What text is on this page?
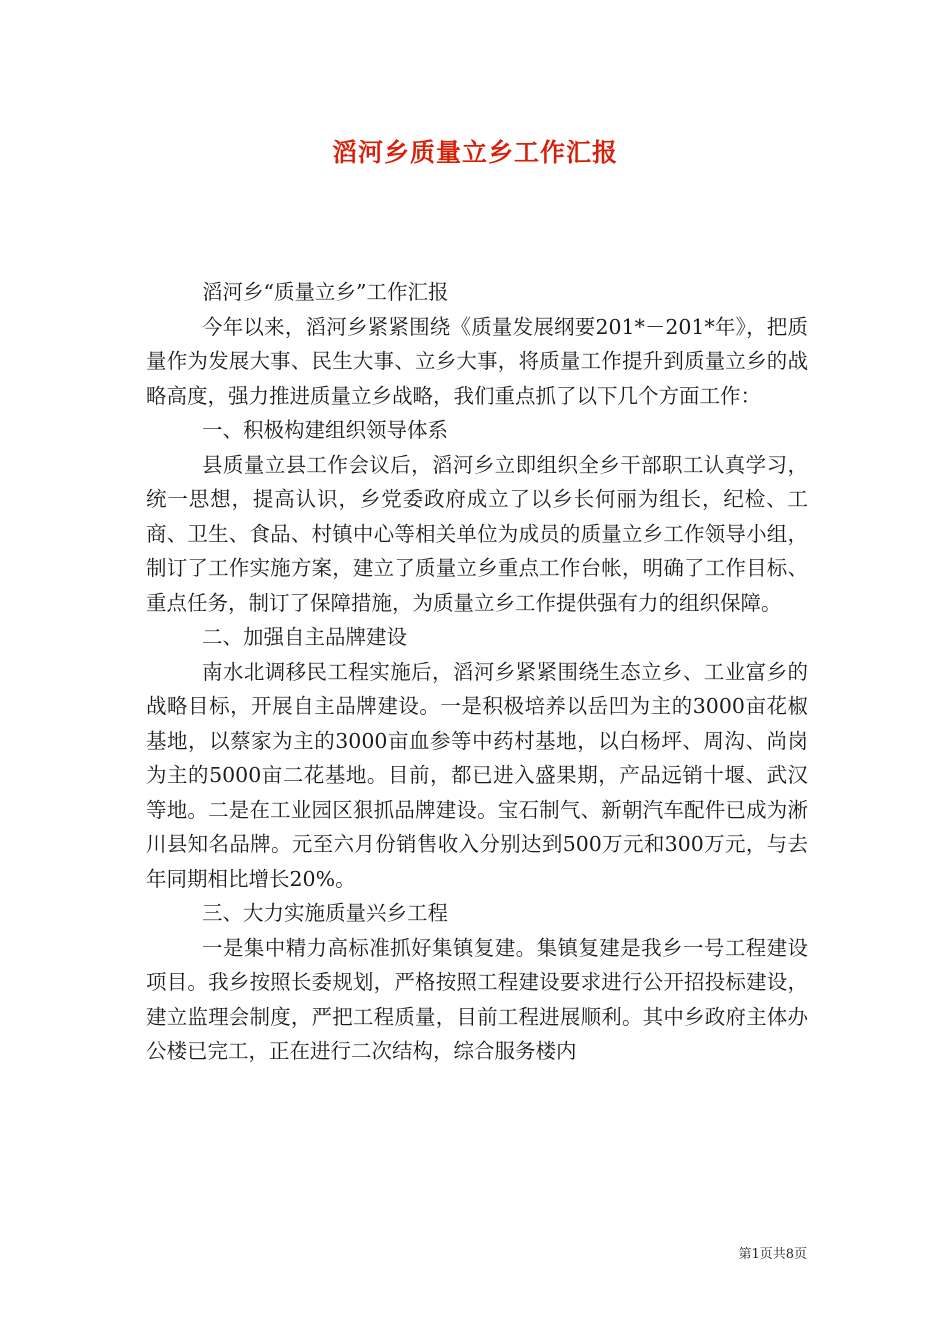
滔河乡质量立乡工作汇报

滔河乡“质量立乡”工作汇报

今年以来，滔河乡紧紧围绕《质量发展纲要201*－201*年》，把质量作为发展大事、民生大事、立乡大事，将质量工作提升到质量立乡的战略高度，强力推进质量立乡战略，我们重点抓了以下几个方面工作：

一、积极构建组织领导体系

县质量立县工作会议后，滔河乡立即组织全乡干部职工认真学习，统一思想，提高认识，乡党委政府成立了以乡长何丽为组长，纪检、工商、卫生、食品、村镇中心等相关单位为成员的质量立乡工作领导小组，制订了工作实施方案，建立了质量立乡重点工作台帐，明确了工作目标、重点任务，制订了保障措施，为质量立乡工作提供强有力的组织保障。

二、加强自主品牌建设

南水北调移民工程实施后，滔河乡紧紧围绕生态立乡、工业富乡的战略目标，开展自主品牌建设。一是积极培养以岳凹为主的3000亩花椒基地，以蔡家为主的3000亩血参等中药村基地，以白杨坪、周沟、尚岗为主的5000亩二花基地。目前，都已进入盛果期，产品远销十堰、武汉等地。二是在工业园区狠抓品牌建设。宝石制气、新朝汽车配件已成为淅川县知名品牌。元至六月份销售收入分别达到500万元和300万元，与去年同期相比增长20%。

三、大力实施质量兴乡工程

一是集中精力高标准抓好集镇复建。集镇复建是我乡一号工程建设项目。我乡按照长委规划，严格按照工程建设要求进行公开招投标建设，建立监理会制度，严把工程质量，目前工程进展顺利。其中乡政府主体办公楼已完工，正在进行二次结构，综合服务楼内

第1页共8页
